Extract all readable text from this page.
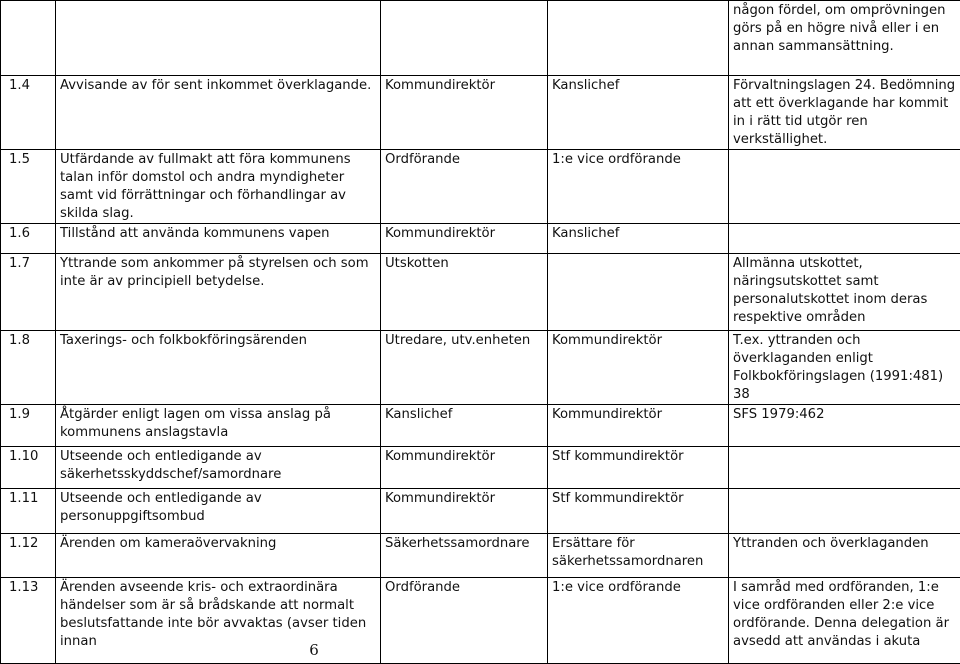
				någon fördel, om omprövningen görs på en högre nivå eller i en annan sammansättning.
1.4	Avvisande av för sent inkommet överklagande.	Kommundirektör	Kanslichef	Förvaltningslagen 24. Bedömning att ett överklagande har kommit in i rätt tid utgör ren verkställighet.
1.5	Utfärdande av fullmakt att föra kommunens talan inför domstol och andra myndigheter samt vid förrättningar och förhandlingar av skilda slag.	Ordförande	1:e vice ordförande	
1.6	Tillstånd att använda kommunens vapen	Kommundirektör	Kanslichef	
1.7	Yttrande som ankommer på styrelsen och som inte är av principiell betydelse.	Utskotten		Allmänna utskottet, näringsutskottet samt personalutskottet inom deras respektive områden
1.8	Taxerings- och folkbokföringsärenden	Utredare, utv.enheten	Kommundirektör	T.ex. yttranden och överklaganden enligt Folkbokföringslagen (1991:481) 38
1.9	Åtgärder enligt lagen om vissa anslag på kommunens anslagstavla	Kanslichef	Kommundirektör	SFS 1979:462
1.10	Utseende och entledigande av säkerhetsskyddschef/samordnare	Kommundirektör	Stf kommundirektör	
1.11	Utseende och entledigande av personuppgiftsombud	Kommundirektör	Stf kommundirektör	
1.12	Ärenden om kameraövervakning	Säkerhetssamordnare	Ersättare för säkerhetssamordnaren	Yttranden och överklaganden
1.13	Ärenden avseende kris- och extraordinära händelser som är så brådskande att normalt beslutsfattande inte bör avvaktas (avser tiden innan	Ordförande	1:e vice ordförande	I samråd med ordföranden, 1:e vice ordföranden eller 2:e vice ordförande. Denna delegation är avsedd att användas i akuta
6
